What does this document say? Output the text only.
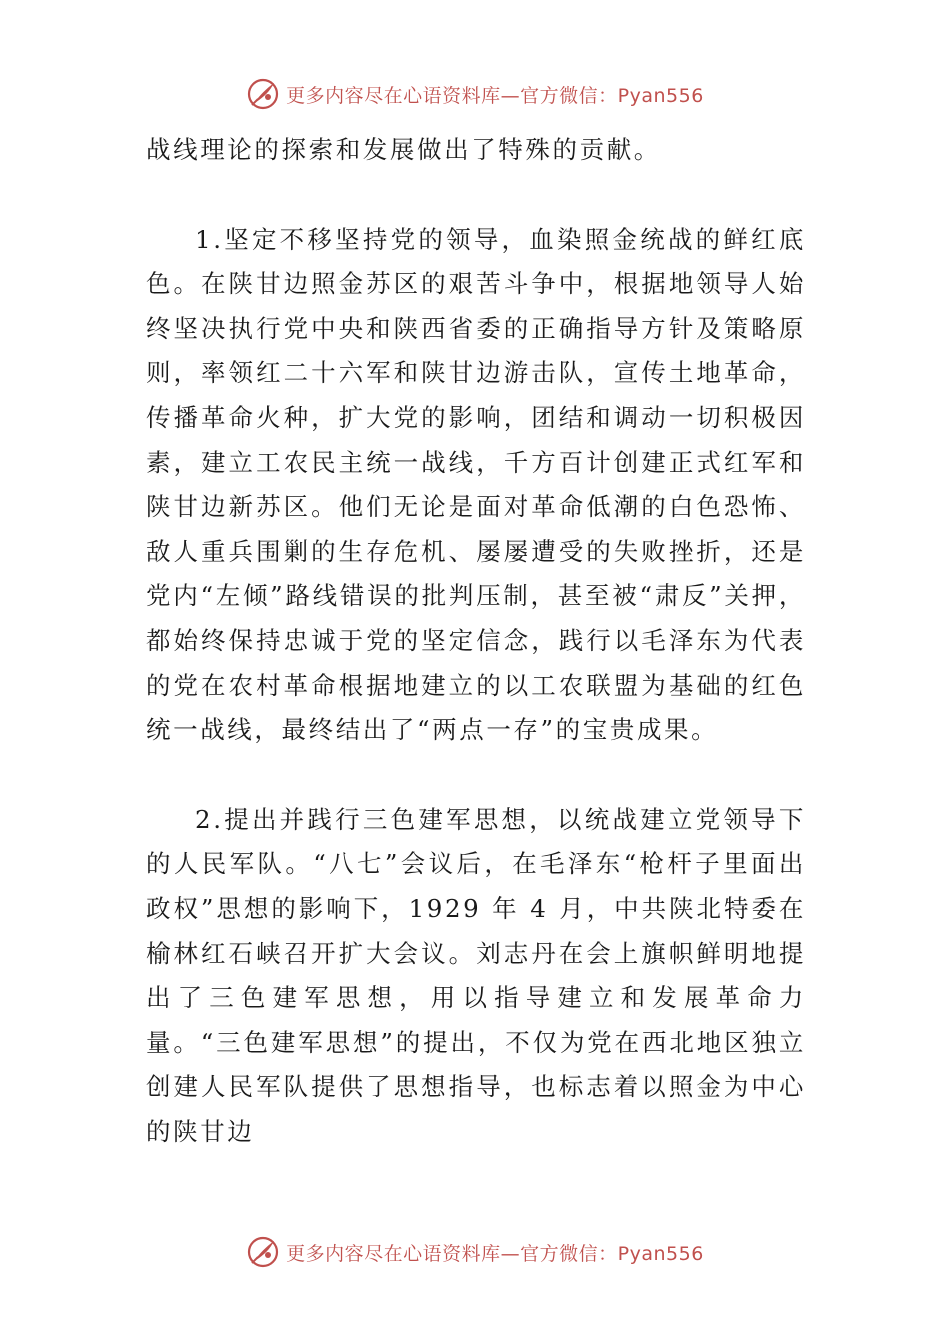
更多内容尽在心语资料库—官方微信：Pyan556

战线理论的探索和发展做出了特殊的贡献。

1.坚定不移坚持党的领导，血染照金统战的鲜红底色。在陕甘边照金苏区的艰苦斗争中，根据地领导人始终坚决执行党中央和陕西省委的正确指导方针及策略原则，率领红二十六军和陕甘边游击队，宣传土地革命，传播革命火种，扩大党的影响，团结和调动一切积极因素，建立工农民主统一战线，千方百计创建正式红军和陕甘边新苏区。他们无论是面对革命低潮的白色恐怖、敌人重兵围剿的生存危机、屡屡遭受的失败挫折，还是党内“左倾”路线错误的批判压制，甚至被“肃反”关押，都始终保持忠诚于党的坚定信念，践行以毛泽东为代表的党在农村革命根据地建立的以工农联盟为基础的红色统一战线，最终结出了“两点一存”的宝贵成果。

2.提出并践行三色建军思想，以统战建立党领导下的人民军队。“八七”会议后，在毛泽东“枪杆子里面出政权”思想的影响下，1929 年 4 月，中共陕北特委在榆林红石峡召开扩大会议。刘志丹在会上旗帜鲜明地提出了三色建军思想，用以指导建立和发展革命力量。“三色建军思想”的提出，不仅为党在西北地区独立创建人民军队提供了思想指导，也标志着以照金为中心的陕甘边

更多内容尽在心语资料库—官方微信：Pyan556
